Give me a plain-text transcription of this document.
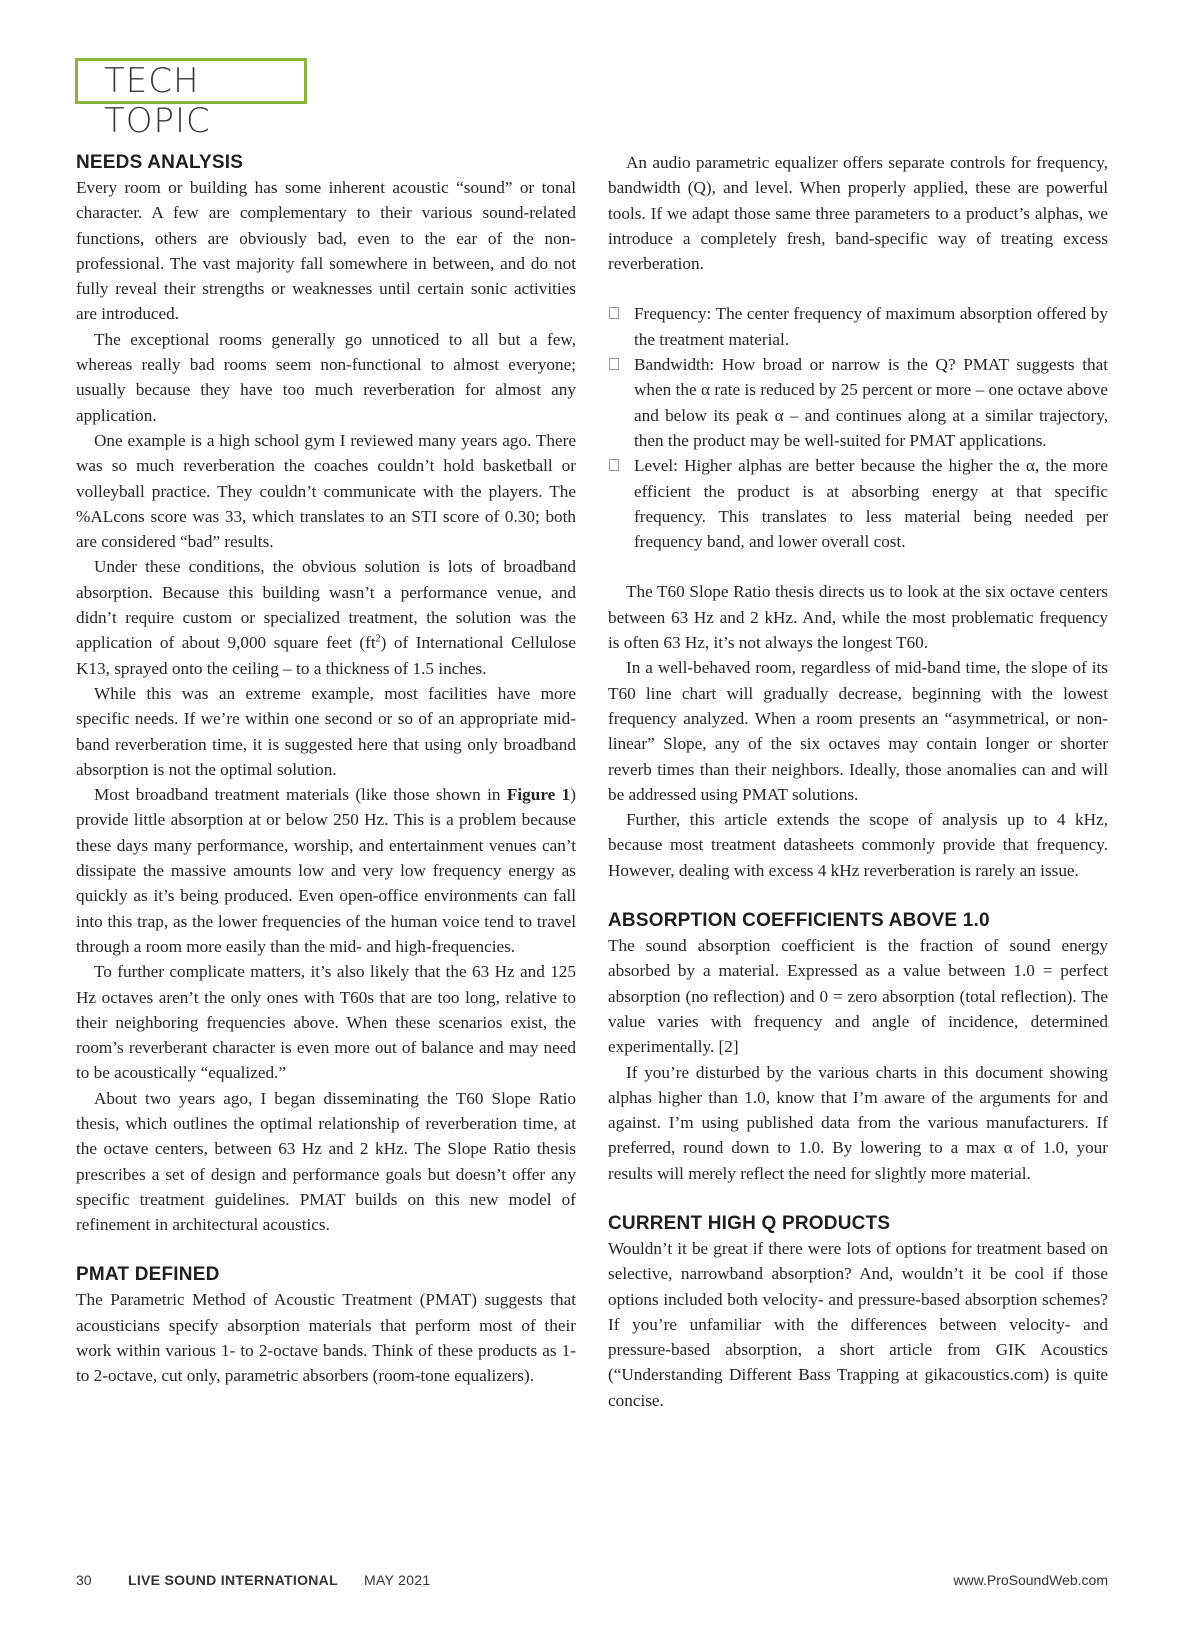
TECH TOPIC
NEEDS ANALYSIS

Every room or building has some inherent acoustic “sound” or tonal character. A few are complementary to their various sound-related functions, others are obviously bad, even to the ear of the non-professional. The vast majority fall somewhere in between, and do not fully reveal their strengths or weaknesses until certain sonic activities are introduced.

The exceptional rooms generally go unnoticed to all but a few, whereas really bad rooms seem non-functional to almost everyone; usually because they have too much reverberation for almost any application.

One example is a high school gym I reviewed many years ago. There was so much reverberation the coaches couldn’t hold basketball or volleyball practice. They couldn’t communicate with the players. The %ALcons score was 33, which translates to an STI score of 0.30; both are considered “bad” results.

Under these conditions, the obvious solution is lots of broadband absorption. Because this building wasn’t a performance venue, and didn’t require custom or specialized treatment, the solution was the application of about 9,000 square feet $(ft^2)$ of International Cellulose K13, sprayed onto the ceiling – to a thickness of 1.5 inches.

While this was an extreme example, most facilities have more specific needs. If we’re within one second or so of an appropriate mid-band reverberation time, it is suggested here that using only broadband absorption is not the optimal solution.

Most broadband treatment materials (like those shown in Figure 1) provide little absorption at or below 250 Hz. This is a problem because these days many performance, worship, and entertainment venues can’t dissipate the massive amounts low and very low frequency energy as quickly as it’s being produced. Even open-office environments can fall into this trap, as the lower frequencies of the human voice tend to travel through a room more easily than the mid- and high-frequencies.

To further complicate matters, it’s also likely that the 63 Hz and 125 Hz octaves aren’t the only ones with T60s that are too long, relative to their neighboring frequencies above. When these scenarios exist, the room’s reverberant character is even more out of balance and may need to be acoustically “equalized.”

About two years ago, I began disseminating the T60 Slope Ratio thesis, which outlines the optimal relationship of reverberation time, at the octave centers, between 63 Hz and 2 kHz. The Slope Ratio thesis prescribes a set of design and performance goals but doesn’t offer any specific treatment guidelines. PMAT builds on this new model of refinement in architectural acoustics.

PMAT DEFINED

The Parametric Method of Acoustic Treatment (PMAT) suggests that acousticians specify absorption materials that perform most of their work within various 1- to 2-octave bands. Think of these products as 1- to 2-octave, cut only, parametric absorbers (room-tone equalizers).

An audio parametric equalizer offers separate controls for frequency, bandwidth (Q), and level. When properly applied, these are powerful tools. If we adapt those same three parameters to a product’s alphas, we introduce a completely fresh, band-specific way of treating excess reverberation.

Frequency: The center frequency of maximum absorption offered by the treatment material.

Bandwidth: How broad or narrow is the Q? PMAT suggests that when the α rate is reduced by 25 percent or more – one octave above and below its peak α – and continues along at a similar trajectory, then the product may be well-suited for PMAT applications.

Level: Higher alphas are better because the higher the α, the more efficient the product is at absorbing energy at that specific frequency. This translates to less material being needed per frequency band, and lower overall cost.

The T60 Slope Ratio thesis directs us to look at the six octave centers between 63 Hz and 2 kHz. And, while the most problematic frequency is often 63 Hz, it’s not always the longest T60.

In a well-behaved room, regardless of mid-band time, the slope of its T60 line chart will gradually decrease, beginning with the lowest frequency analyzed. When a room presents an “asymmetrical, or non-linear” Slope, any of the six octaves may contain longer or shorter reverb times than their neighbors. Ideally, those anomalies can and will be addressed using PMAT solutions.

Further, this article extends the scope of analysis up to 4 kHz, because most treatment datasheets commonly provide that frequency. However, dealing with excess 4 kHz reverberation is rarely an issue.

ABSORPTION COEFFICIENTS ABOVE 1.0

The sound absorption coefficient is the fraction of sound energy absorbed by a material. Expressed as a value between 1.0 = perfect absorption (no reflection) and 0 = zero absorption (total reflection). The value varies with frequency and angle of incidence, determined experimentally. [2]

If you’re disturbed by the various charts in this document showing alphas higher than 1.0, know that I’m aware of the arguments for and against. I’m using published data from the various manufacturers. If preferred, round down to 1.0. By lowering to a max α of 1.0, your results will merely reflect the need for slightly more material.

CURRENT HIGH Q PRODUCTS

Wouldn’t it be great if there were lots of options for treatment based on selective, narrowband absorption? And, wouldn’t it be cool if those options included both velocity- and pressure-based absorption schemes? If you’re unfamiliar with the differences between velocity- and pressure-based absorption, a short article from GIK Acoustics (“Understanding Different Bass Trapping at gikacoustics.com) is quite concise.

30	LIVE SOUND INTERNATIONAL MAY 2021	www.ProSoundWeb.com
